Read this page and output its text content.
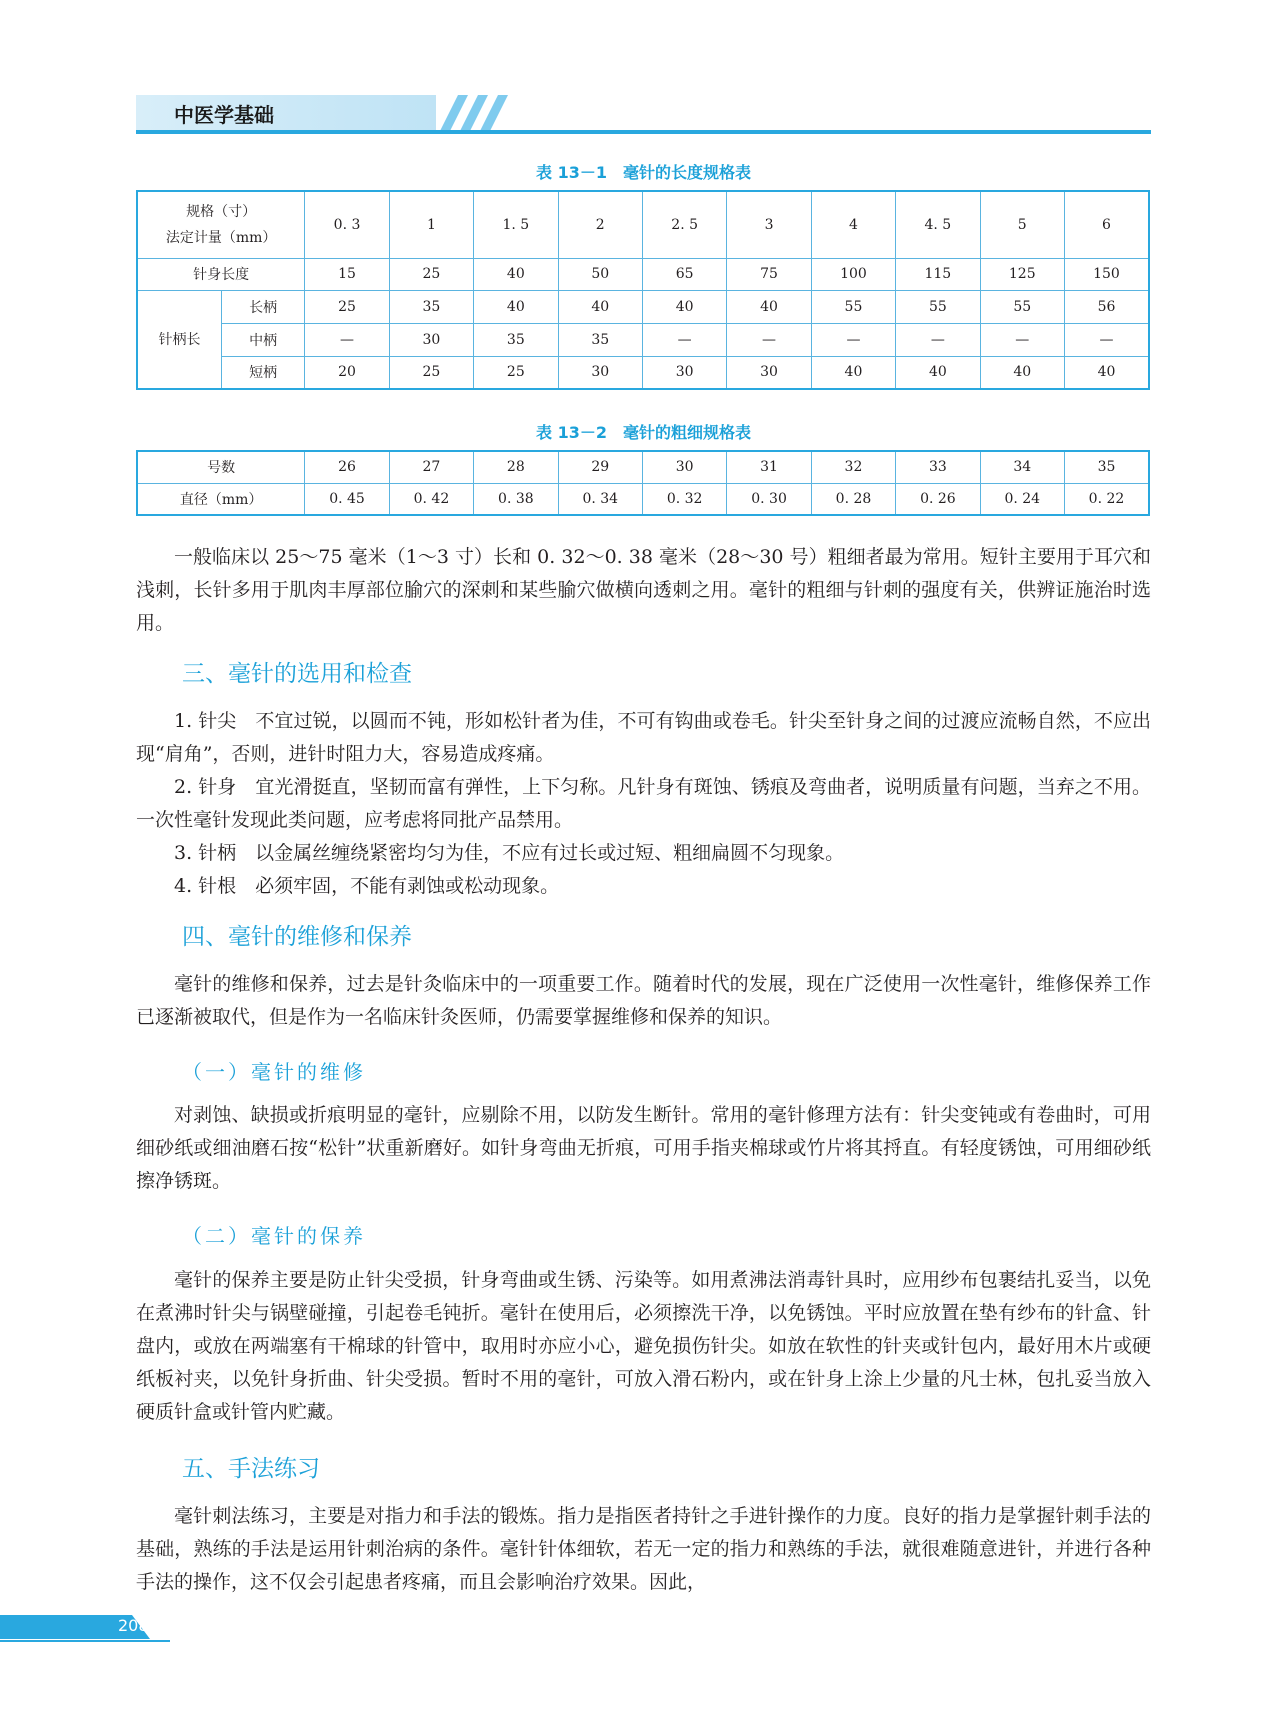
中医学基础
表 13－1　毫针的长度规格表
规格（寸）
法定计量（mm）		0. 3	1	1. 5	2	2. 5	3	4	4. 5	5	6
针身长度		15	25	40	50	65	75	100	115	125	150
针柄长	长柄	25	35	40	40	40	40	55	55	55	56
	中柄	—	30	35	35	—	—	—	—	—	—
	短柄	20	25	25	30	30	30	40	40	40	40
表 13－2　毫针的粗细规格表
号数	26	27	28	29	30	31	32	33	34	35
直径（mm）	0. 45	0. 42	0. 38	0. 34	0. 32	0. 30	0. 28	0. 26	0. 24	0. 22

一般临床以 25～75 毫米（1～3 寸）长和 0. 32～0. 38 毫米（28～30 号）粗细者最为常用。短针主要用于耳穴和浅刺，长针多用于肌肉丰厚部位腧穴的深刺和某些腧穴做横向透刺之用。毫针的粗细与针刺的强度有关，供辨证施治时选用。

三、毫针的选用和检查

1. 针尖　不宜过锐，以圆而不钝，形如松针者为佳，不可有钩曲或卷毛。针尖至针身之间的过渡应流畅自然，不应出现“肩角”，否则，进针时阻力大，容易造成疼痛。

2. 针身　宜光滑挺直，坚韧而富有弹性，上下匀称。凡针身有斑蚀、锈痕及弯曲者，说明质量有问题，当弃之不用。一次性毫针发现此类问题，应考虑将同批产品禁用。

3. 针柄　以金属丝缠绕紧密均匀为佳，不应有过长或过短、粗细扁圆不匀现象。

4. 针根　必须牢固，不能有剥蚀或松动现象。

四、毫针的维修和保养

毫针的维修和保养，过去是针灸临床中的一项重要工作。随着时代的发展，现在广泛使用一次性毫针，维修保养工作已逐渐被取代，但是作为一名临床针灸医师，仍需要掌握维修和保养的知识。

（一）毫针的维修

对剥蚀、缺损或折痕明显的毫针，应剔除不用，以防发生断针。常用的毫针修理方法有：针尖变钝或有卷曲时，可用细砂纸或细油磨石按“松针”状重新磨好。如针身弯曲无折痕，可用手指夹棉球或竹片将其捋直。有轻度锈蚀，可用细砂纸擦净锈斑。

（二）毫针的保养

毫针的保养主要是防止针尖受损，针身弯曲或生锈、污染等。如用煮沸法消毒针具时，应用纱布包裹结扎妥当，以免在煮沸时针尖与锅壁碰撞，引起卷毛钝折。毫针在使用后，必须擦洗干净，以免锈蚀。平时应放置在垫有纱布的针盒、针盘内，或放在两端塞有干棉球的针管中，取用时亦应小心，避免损伤针尖。如放在软性的针夹或针包内，最好用木片或硬纸板衬夹，以免针身折曲、针尖受损。暂时不用的毫针，可放入滑石粉内，或在针身上涂上少量的凡士林，包扎妥当放入硬质针盒或针管内贮藏。

五、手法练习

毫针刺法练习，主要是对指力和手法的锻炼。指力是指医者持针之手进针操作的力度。良好的指力是掌握针刺手法的基础，熟练的手法是运用针刺治病的条件。毫针针体细软，若无一定的指力和熟练的手法，就很难随意进针，并进行各种手法的操作，这不仅会引起患者疼痛，而且会影响治疗效果。因此，

208
